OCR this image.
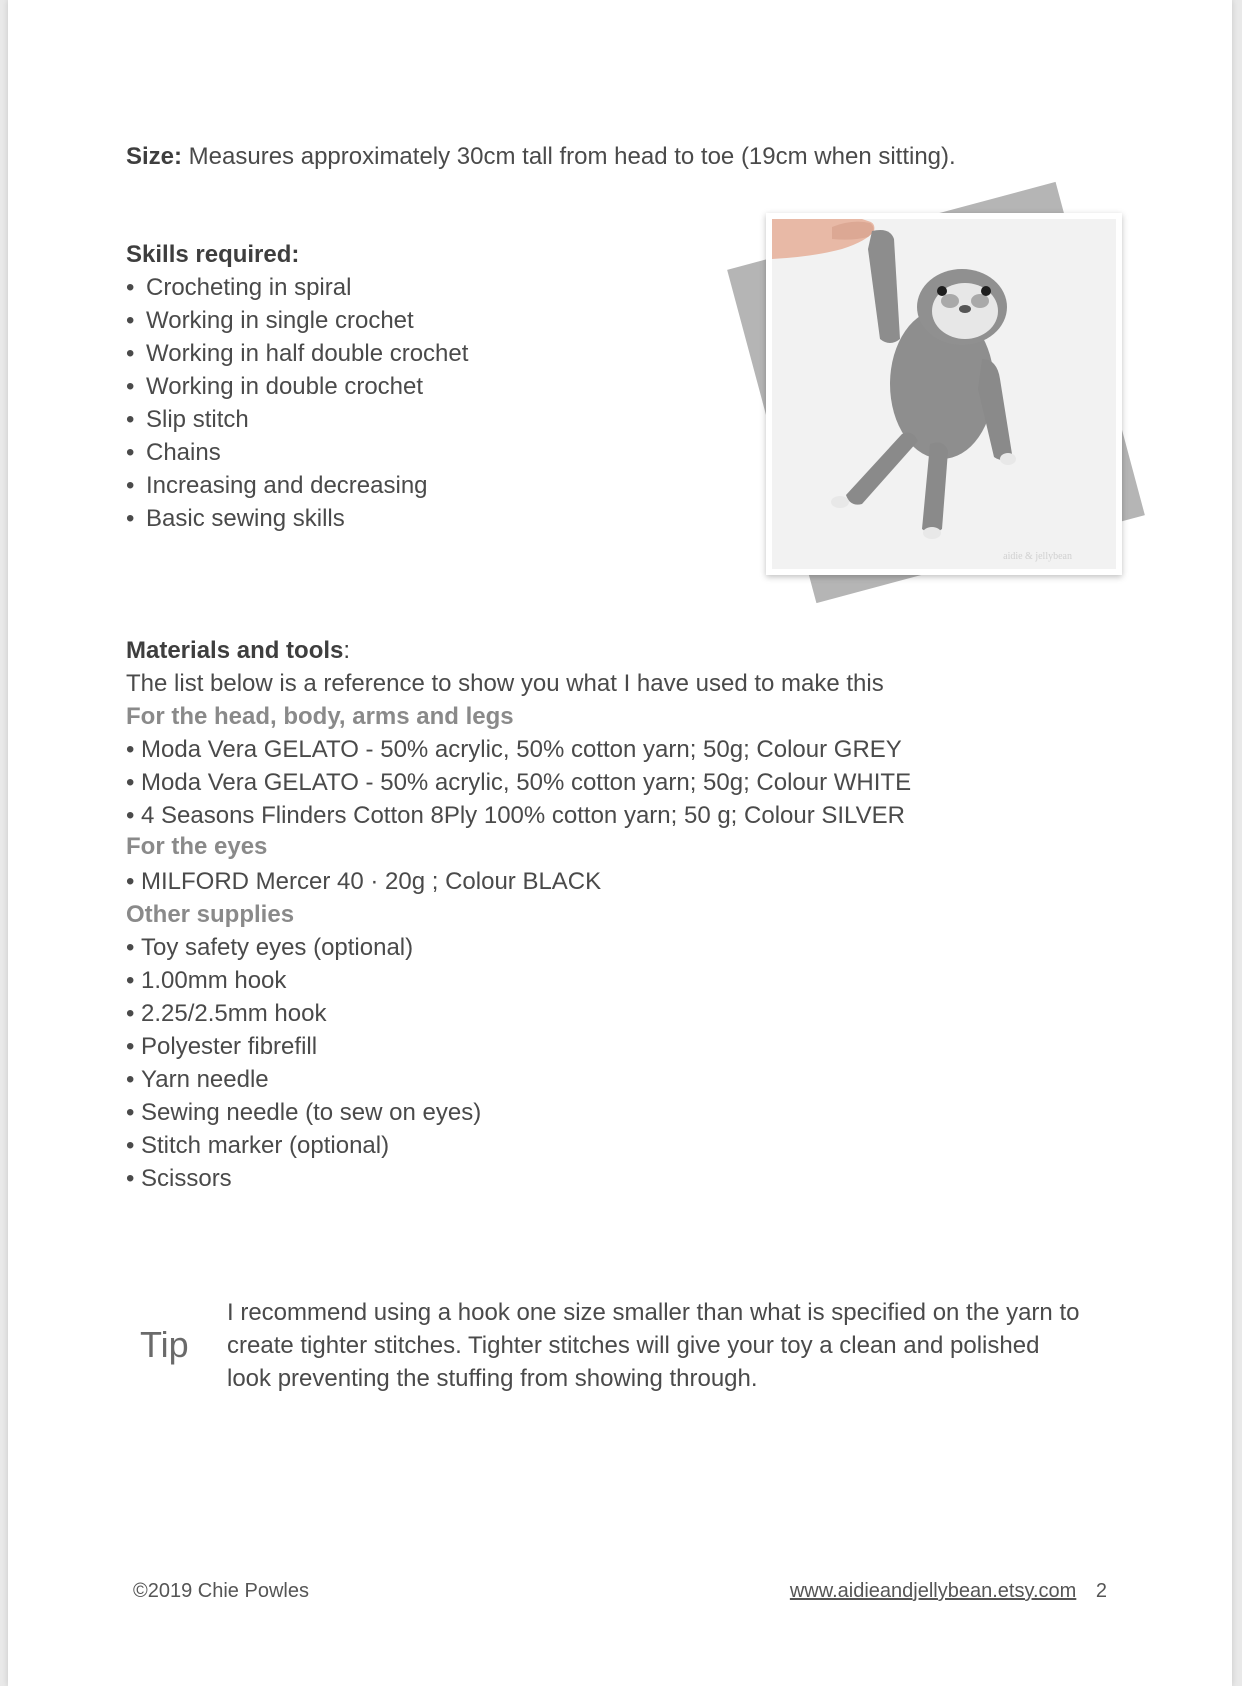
Size: Measures approximately 30cm tall from head to toe (19cm when sitting).
Skills required:
• Crocheting in spiral
• Working in single crochet
• Working in half double crochet
• Working in double crochet
• Slip stitch
• Chains
• Increasing and decreasing
• Basic sewing skills
Materials and tools:
The list below is a reference to show you what I have used to make this
For the head, body, arms and legs
• Moda Vera GELATO - 50% acrylic, 50% cotton yarn; 50g; Colour GREY
• Moda Vera GELATO - 50% acrylic, 50% cotton yarn; 50g; Colour WHITE
• 4 Seasons Flinders Cotton 8Ply 100% cotton yarn; 50 g; Colour SILVER
For the eyes
• MILFORD Mercer 40 · 20g ; Colour BLACK
Other supplies
• Toy safety eyes (optional)
• 1.00mm hook
• 2.25/2.5mm hook
• Polyester fibrefill
• Yarn needle
• Sewing needle (to sew on eyes)
• Stitch marker (optional)
• Scissors
aidie & jellybean
Tip
I recommend using a hook one size smaller than what is specified on the yarn to create tighter stitches. Tighter stitches will give your toy a clean and polished look preventing the stuffing from showing through.
©2019 Chie Powles	www.aidieandjellybean.etsy.com 2
